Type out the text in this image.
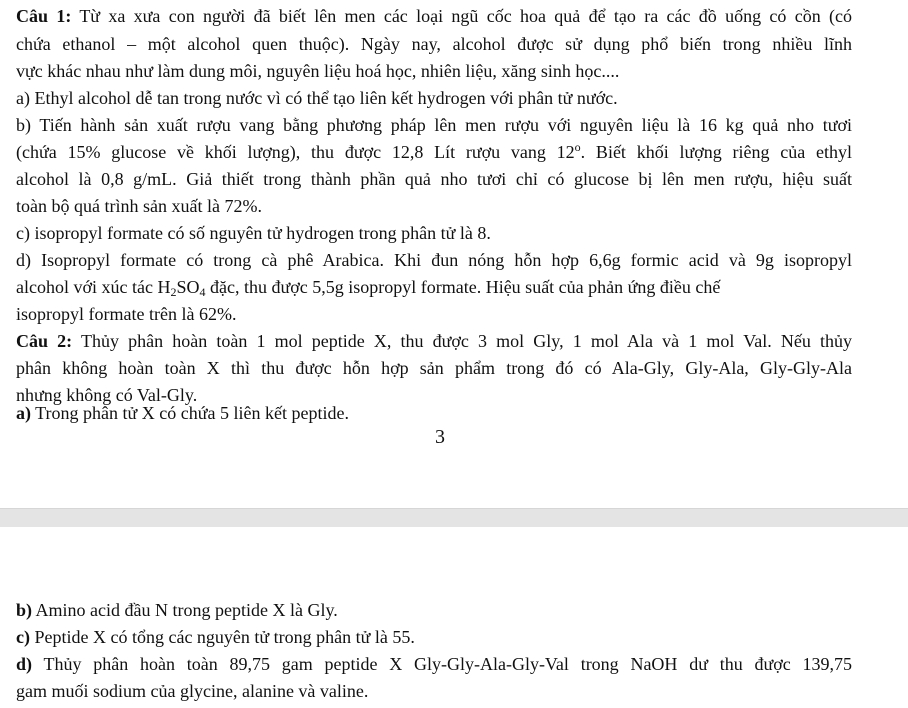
Câu 1: Từ xa xưa con người đã biết lên men các loại ngũ cốc hoa quả để tạo ra các đồ uống có cồn (có
chứa ethanol – một alcohol quen thuộc). Ngày nay, alcohol được sử dụng phổ biến trong nhiều lĩnh
vực khác nhau như làm dung môi, nguyên liệu hoá học, nhiên liệu, xăng sinh học....
a) Ethyl alcohol dễ tan trong nước vì có thể tạo liên kết hydrogen với phân tử nước.
b) Tiến hành sản xuất rượu vang bằng phương pháp lên men rượu với nguyên liệu là 16 kg quả nho tươi
(chứa 15% glucose về khối lượng), thu được 12,8 Lít rượu vang 12$^o$. Biết khối lượng riêng của ethyl
alcohol là 0,8 g/mL. Giả thiết trong thành phần quả nho tươi chỉ có glucose bị lên men rượu, hiệu suất
toàn bộ quá trình sản xuất là 72%.
c) isopropyl formate có số nguyên tử hydrogen trong phân tử là 8.
d) Isopropyl formate có trong cà phê Arabica. Khi đun nóng hỗn hợp 6,6g formic acid và 9g isopropyl
alcohol với xúc tác $H_2SO_4$ đặc, thu được 5,5g isopropyl formate. Hiệu suất của phản ứng điều chế
isopropyl formate trên là 62%.
Câu 2: Thủy phân hoàn toàn 1 mol peptide X, thu được 3 mol Gly, 1 mol Ala và 1 mol Val. Nếu thủy
phân không hoàn toàn X thì thu được hỗn hợp sản phẩm trong đó có Ala-Gly, Gly-Ala, Gly-Gly-Ala
nhưng không có Val-Gly.
a) Trong phân tử X có chứa 5 liên kết peptide.
3
b) Amino acid đầu N trong peptide X là Gly.
c) Peptide X có tổng các nguyên tử trong phân tử là 55.
d) Thủy phân hoàn toàn 89,75 gam peptide X Gly-Gly-Ala-Gly-Val trong NaOH dư thu được 139,75
gam muối sodium của glycine, alanine và valine.
